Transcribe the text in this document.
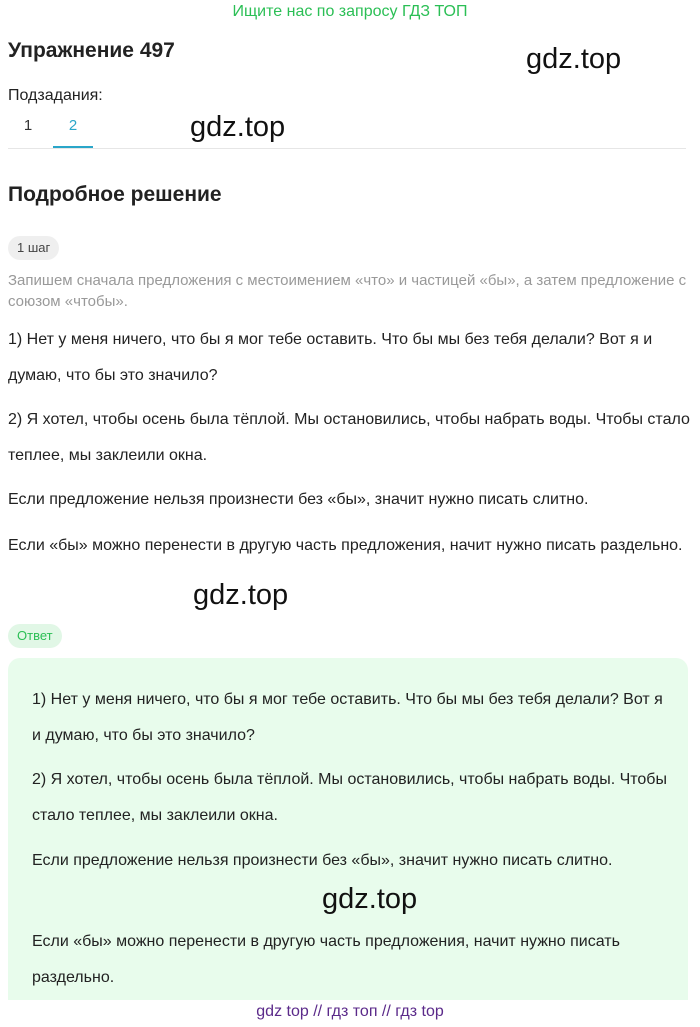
Ищите нас по запросу ГДЗ ТОП
Упражнение 497	gdz.top
Подзадания:
1	2	gdz.top
Подробное решение
1 шаг

Запишем сначала предложения с местоимением «что» и частицей «бы», а затем предложение с союзом «чтобы».

1) Нет у меня ничего, что бы я мог тебе оставить. Что бы мы без тебя делали? Вот я и думаю, что бы это значило?

2) Я хотел, чтобы осень была тёплой. Мы остановились, чтобы набрать воды. Чтобы стало теплее, мы заклеили окна.

Если предложение нельзя произнести без «бы», значит нужно писать слитно.

Если «бы» можно перенести в другую часть предложения, начит нужно писать раздельно.

gdz.top
Ответ

1) Нет у меня ничего, что бы я мог тебе оставить. Что бы мы без тебя делали? Вот я и думаю, что бы это значило?

2) Я хотел, чтобы осень была тёплой. Мы остановились, чтобы набрать воды. Чтобы стало теплее, мы заклеили окна.

Если предложение нельзя произнести без «бы», значит нужно писать слитно.

Если «бы» можно перенести в другую часть предложения, начит нужно писать раздельно.

gdz.top
gdz top // гдз топ // гдз top
